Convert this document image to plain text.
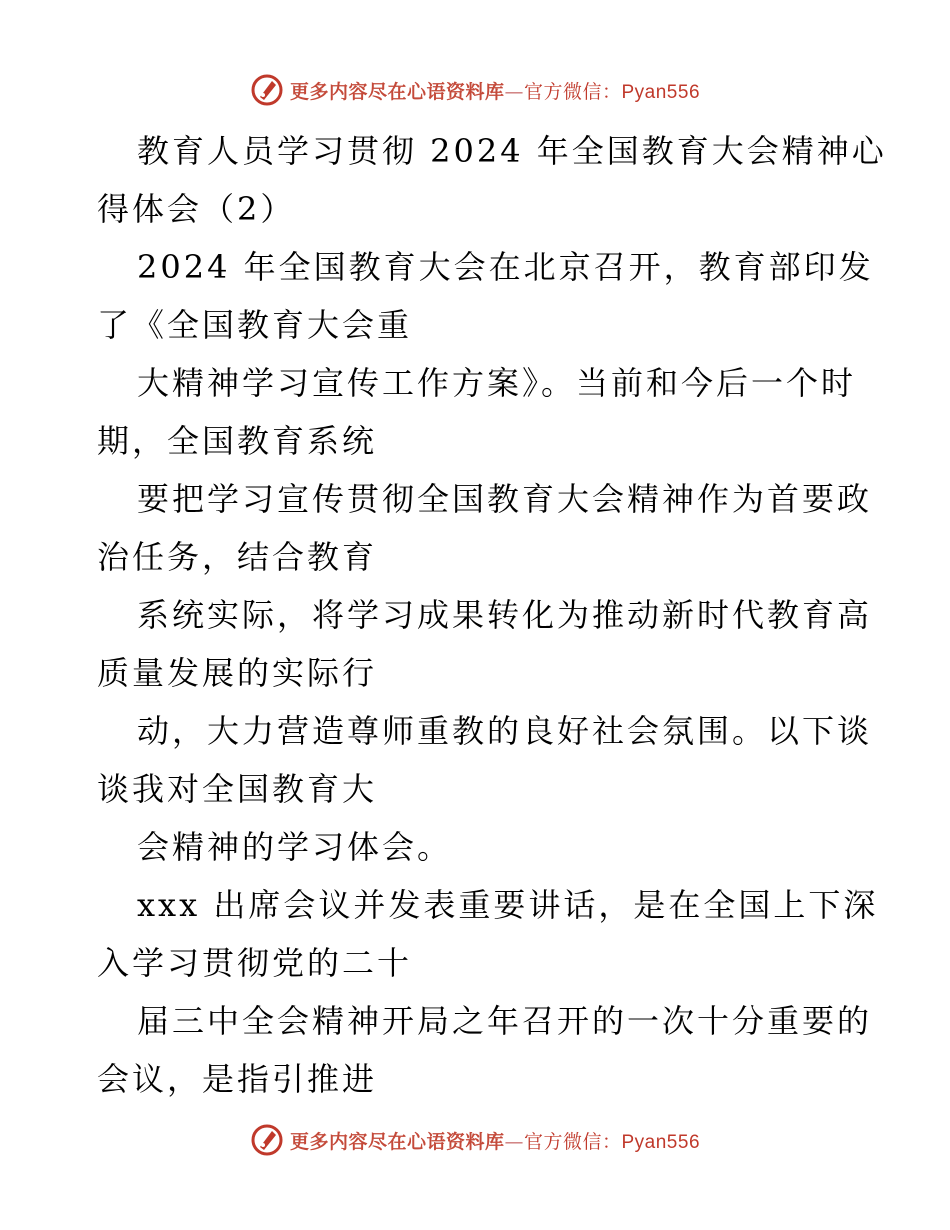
更多内容尽在心语资料库—官方微信：Pyan556

教育人员学习贯彻 2024 年全国教育大会精神心

得体会（2）

2024 年全国教育大会在北京召开，教育部印发

了《全国教育大会重

大精神学习宣传工作方案》。当前和今后一个时

期，全国教育系统

要把学习宣传贯彻全国教育大会精神作为首要政

治任务，结合教育

系统实际，将学习成果转化为推动新时代教育高

质量发展的实际行

动，大力营造尊师重教的良好社会氛围。以下谈

谈我对全国教育大

会精神的学习体会。

xxx 出席会议并发表重要讲话，是在全国上下深

入学习贯彻党的二十

届三中全会精神开局之年召开的一次十分重要的

会议，是指引推进

更多内容尽在心语资料库—官方微信：Pyan556
